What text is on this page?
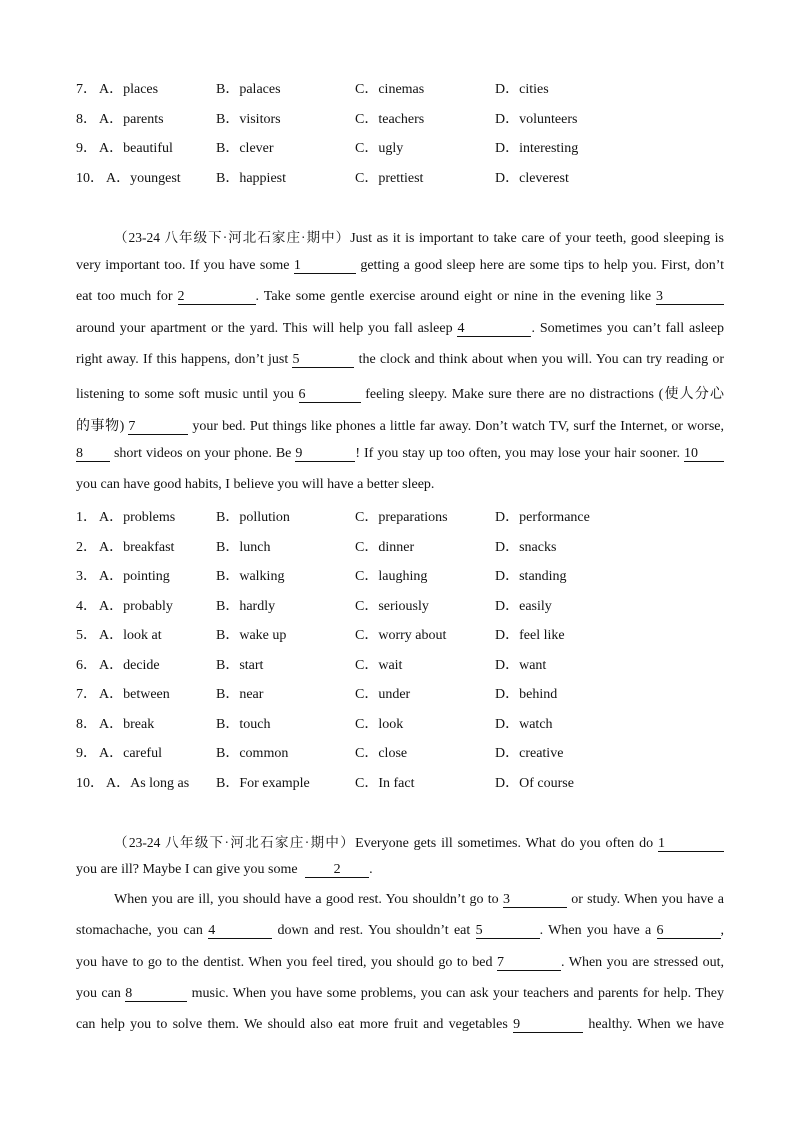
7． A．places	B．palaces	C．cinemas	D．cities
8． A．parents	B．visitors	C．teachers	D．volunteers
9． A．beautiful	B．clever	C．ugly	D．interesting
10． A．youngest	B．happiest	C．prettiest	D．cleverest
（23-24 八年级下·河北石家庄·期中）Just as it is important to take care of your teeth, good sleeping is
very important too. If you have some 1	getting a good sleep here are some tips to help you. First, don’t
eat too much for 2	. Take some gentle exercise around eight or nine in the evening like 3
around your apartment or the yard. This will help you fall asleep 4	. Sometimes you can’t fall asleep
right away. If this happens, don’t just 5	the clock and think about when you will. You can try reading or
listening to some soft music until you 6	feeling sleepy. Make sure there are no distractions (使人分心
的事物) 7	your bed. Put things like phones a little far away. Don’t watch TV, surf the Internet, or worse,
8 short videos on your phone. Be 9	! If you stay up too often, you may lose your hair sooner. 10
you can have good habits, I believe you will have a better sleep.
1． A．problems	B．pollution	C．preparations	D．performance
2． A．breakfast	B．lunch	C．dinner	D．snacks
3． A．pointing	B．walking	C．laughing	D．standing
4． A．probably	B．hardly	C．seriously	D．easily
5． A．look at	B．wake up	C．worry about	D．feel like
6． A．decide	B．start	C．wait	D．want
7． A．between	B．near	C．under	D．behind
8． A．break	B．touch	C．look	D．watch
9． A．careful	B．common	C．close	D．creative
10． A．As long as B．For example	C．In fact	D．Of course
（23-24 八年级下·河北石家庄·期中）Everyone gets ill sometimes. What do you often do 1
you are ill? Maybe I can give you some	2 .
When you are ill, you should have a good rest. You shouldn’t go to 3	or study. When you have a
stomachache, you can 4	down and rest. You shouldn’t eat 5	. When you have a 6	,
you have to go to the dentist. When you feel tired, you should go to bed 7	. When you are stressed out,
you can 8	music. When you have some problems, you can ask your teachers and parents for help. They
can help you to solve them. We should also eat more fruit and vegetables 9	healthy. When we have
